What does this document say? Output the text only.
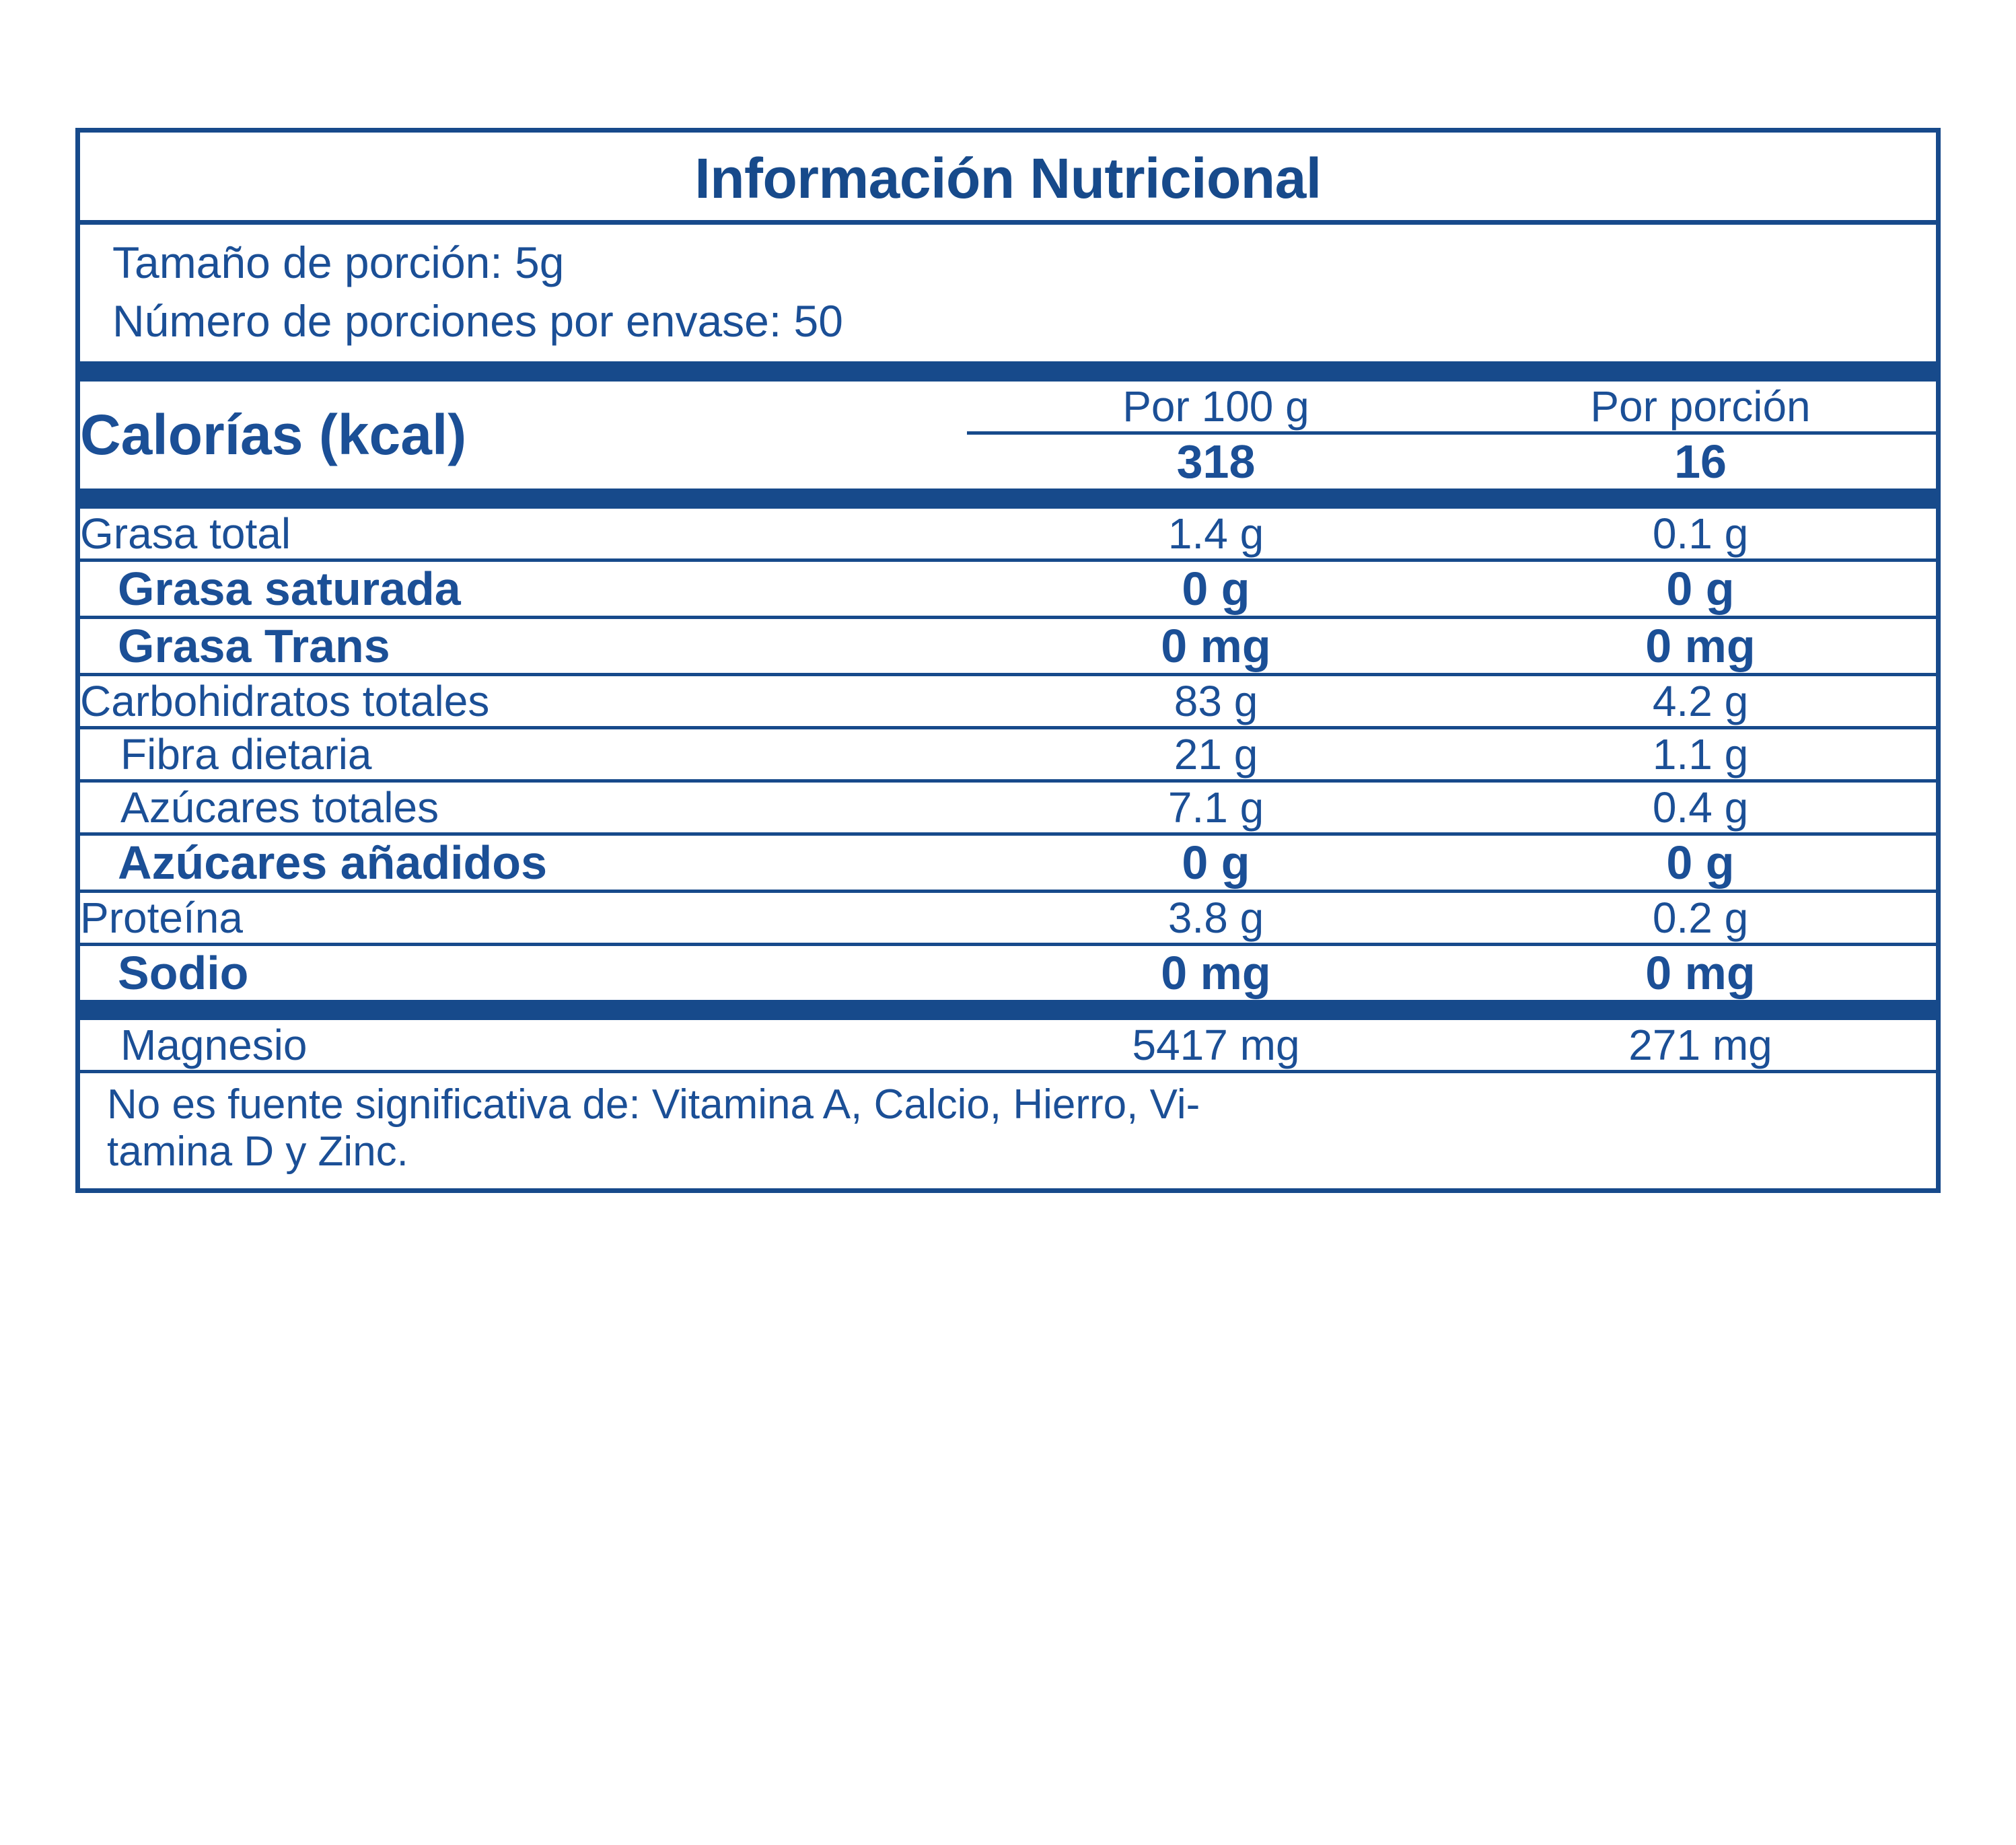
Información Nutricional
Tamaño de porción: 5g
Número de porciones por envase: 50
Calorías (kcal)	Por 100 g	Por porción
	318	16
Grasa total	1.4 g	0.1 g
Grasa saturada	0 g	0 g
Grasa Trans	0 mg	0 mg
Carbohidratos totales	83 g	4.2 g
Fibra dietaria	21 g	1.1 g
Azúcares totales	7.1 g	0.4 g
Azúcares añadidos	0 g	0 g
Proteína	3.8 g	0.2 g
Sodio	0 mg	0 mg
Magnesio	5417 mg	271 mg
No es fuente significativa de: Vitamina A, Calcio, Hierro, Vi-
tamina D y Zinc.
